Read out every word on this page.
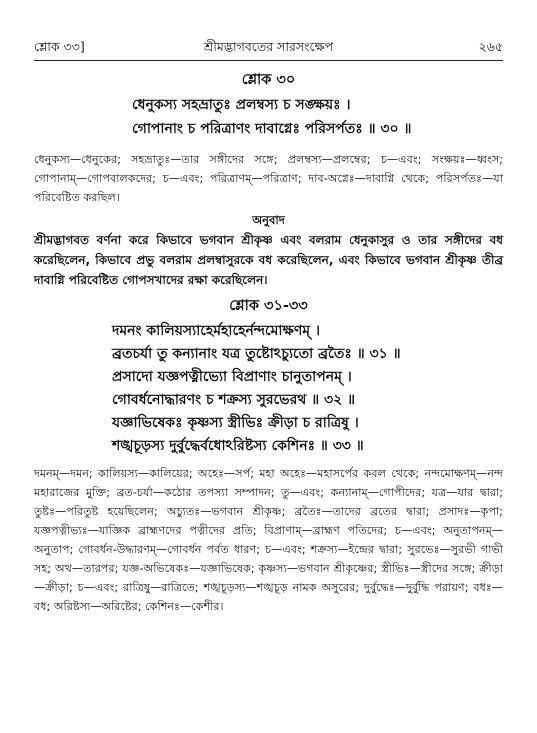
শ্লোক ৩৩]	শ্রীমদ্ভাগবতের সারসংক্ষেপ	২৬৫
শ্লোক ৩০
ধেনুকস্য সহভ্রাতুঃ প্রলম্বস্য চ সঙ্ক্ষয়ঃ ।
গোপানাং চ পরিত্রাণং দাবাগ্নেঃ পরিসর্পতঃ ॥ ৩০ ॥

ধেনুকস্য—ধেনুকের; সহভ্রাতুঃ—তার সঙ্গীদের সঙ্গে; প্রলম্বস্য—প্রলম্বের; চ—এবং; সংক্ষয়ঃ—ধ্বংস; গোপানাম্—গোপবালকদের; চ—এবং; পরিত্রাণম্—পরিত্রাণ; দাব-অগ্নেঃ—দাবাগ্নি থেকে; পরিসর্পতঃ—যা পরিবেষ্টিত করছিল।

অনুবাদ

শ্রীমদ্ভাগবত বর্ণনা করে কিভাবে ভগবান শ্রীকৃষ্ণ এবং বলরাম ধেনুকাসুর ও তার সঙ্গীদের বধ করেছিলেন, কিভাবে প্রভু বলরাম প্রলম্বাসুরকে বধ করেছিলেন, এবং কিভাবে ভগবান শ্রীকৃষ্ণ তীব্র দাবাগ্নি পরিবেষ্টিত গোপসখাদের রক্ষা করেছিলেন।

শ্লোক ৩১-৩৩
দমনং কালিয়স্যাহের্মহাহের্নন্দমোক্ষণম্ ।
ব্রতচর্যা তু কন্যানাং যত্র তুষ্টোঽচ্যুতো ব্রতৈঃ ॥ ৩১ ॥
প্রসাদো যজ্ঞপত্নীভ্যো বিপ্রাণাং চানুতাপনম্ ।
গোবর্ধনোদ্ধারণং চ শক্রস্য সুরভেরথ ॥ ৩২ ॥
যজ্ঞাভিষেকঃ কৃষ্ণস্য স্ত্রীভিঃ ক্রীড়া চ রাত্রিষু ।
শঙ্খচূড়স্য দুর্বুদ্ধের্বধোঽরিষ্টস্য কেশিনঃ ॥ ৩৩ ॥

দমনম্—দমন; কালিয়স্য—কালিয়ের; অহেঃ—সর্প; মহা অহেঃ—মহাসর্পের কবল থেকে; নন্দমোক্ষণম্—নন্দ মহারাজের মুক্তি; ব্রত-চর্যা—কঠোর তপস্যা সম্পাদন; তু—এবং; কন্যানাম্—গোপীদের; যত্র—যার দ্বারা; তুষ্টঃ—পরিতুষ্ট হয়েছিলেন; অচ্যুতঃ—ভগবান শ্রীকৃষ্ণ; ব্রতৈঃ—তাদের ব্রতের দ্বারা; প্রসাদঃ—কৃপা; যজ্ঞপত্নীভ্যঃ—যাজ্ঞিক ব্রাহ্মণদের পত্নীদের প্রতি; বিপ্রাণাম্—ব্রাহ্মণ পতিদের; চ—এবং; অনুতাপনম্—অনুতাপ; গোবর্ধন-উদ্ধারণম্—গোবর্ধন পর্বত ধারণ; চ—এবং; শক্রস্য—ইন্দ্রের দ্বারা; সুরভেঃ—সুরভী গাভী সহ; অথ—তারপর; যজ্ঞ-অভিষেকঃ—যজ্ঞাভিষেক; কৃষ্ণস্য—ভগবান শ্রীকৃষ্ণের; স্ত্রীভিঃ—স্ত্রীদের সঙ্গে; ক্রীড়া—ক্রীড়া; চ—এবং; রাত্রিষু—রাত্রিতে; শঙ্খচূড়স্য—শঙ্খচূড় নামক অসুরের; দুর্বুদ্ধেঃ—দুর্বুদ্ধি পরায়ণ; বধঃ—বধ; অরিষ্টস্য—অরিষ্টের; কেশিনঃ—কেশীর।
